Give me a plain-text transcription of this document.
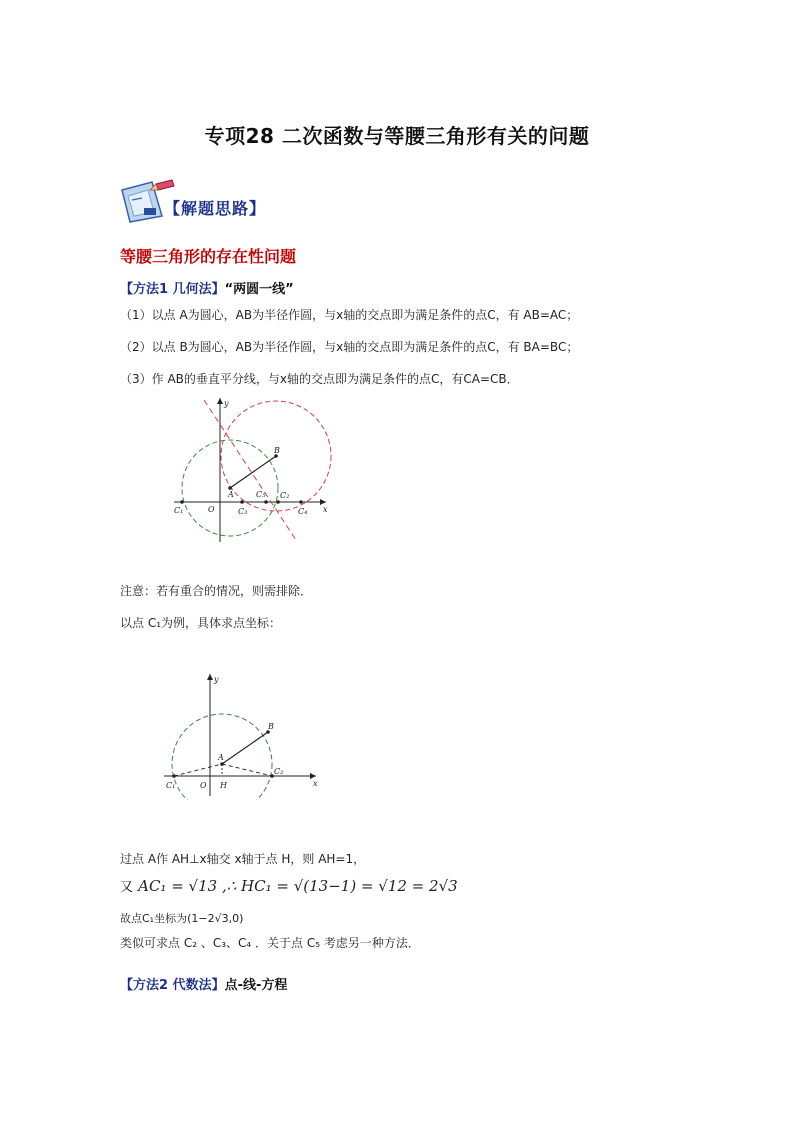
专项28 二次函数与等腰三角形有关的问题
【解题思路】
等腰三角形的存在性问题
【方法1 几何法】“两圆一线”
（1）以点 A为圆心，AB为半径作圆，与x轴的交点即为满足条件的点C，有 AB=AC；
（2）以点 B为圆心，AB为半径作圆，与x轴的交点即为满足条件的点C，有 BA=BC；
（3）作 AB的垂直平分线，与x轴的交点即为满足条件的点C，有CA=CB．
y
x
O
A
B
C₁
C₂
C₃	C₄
C₅
注意：若有重合的情况，则需排除．
以点 C₁为例，具体求点坐标：
y
x
O
A
B
H
C₁
C₂
过点 A作 AH⊥x轴交 x轴于点 H，则 AH=1，
又 AC₁ = √13 ,∴ HC₁ = √(13−1) = √12 = 2√3
故点C₁坐标为(1−2√3,0)
类似可求点 C₂ 、C₃、C₄ ．关于点 C₅ 考虑另一种方法．
【方法2 代数法】点-线-方程
